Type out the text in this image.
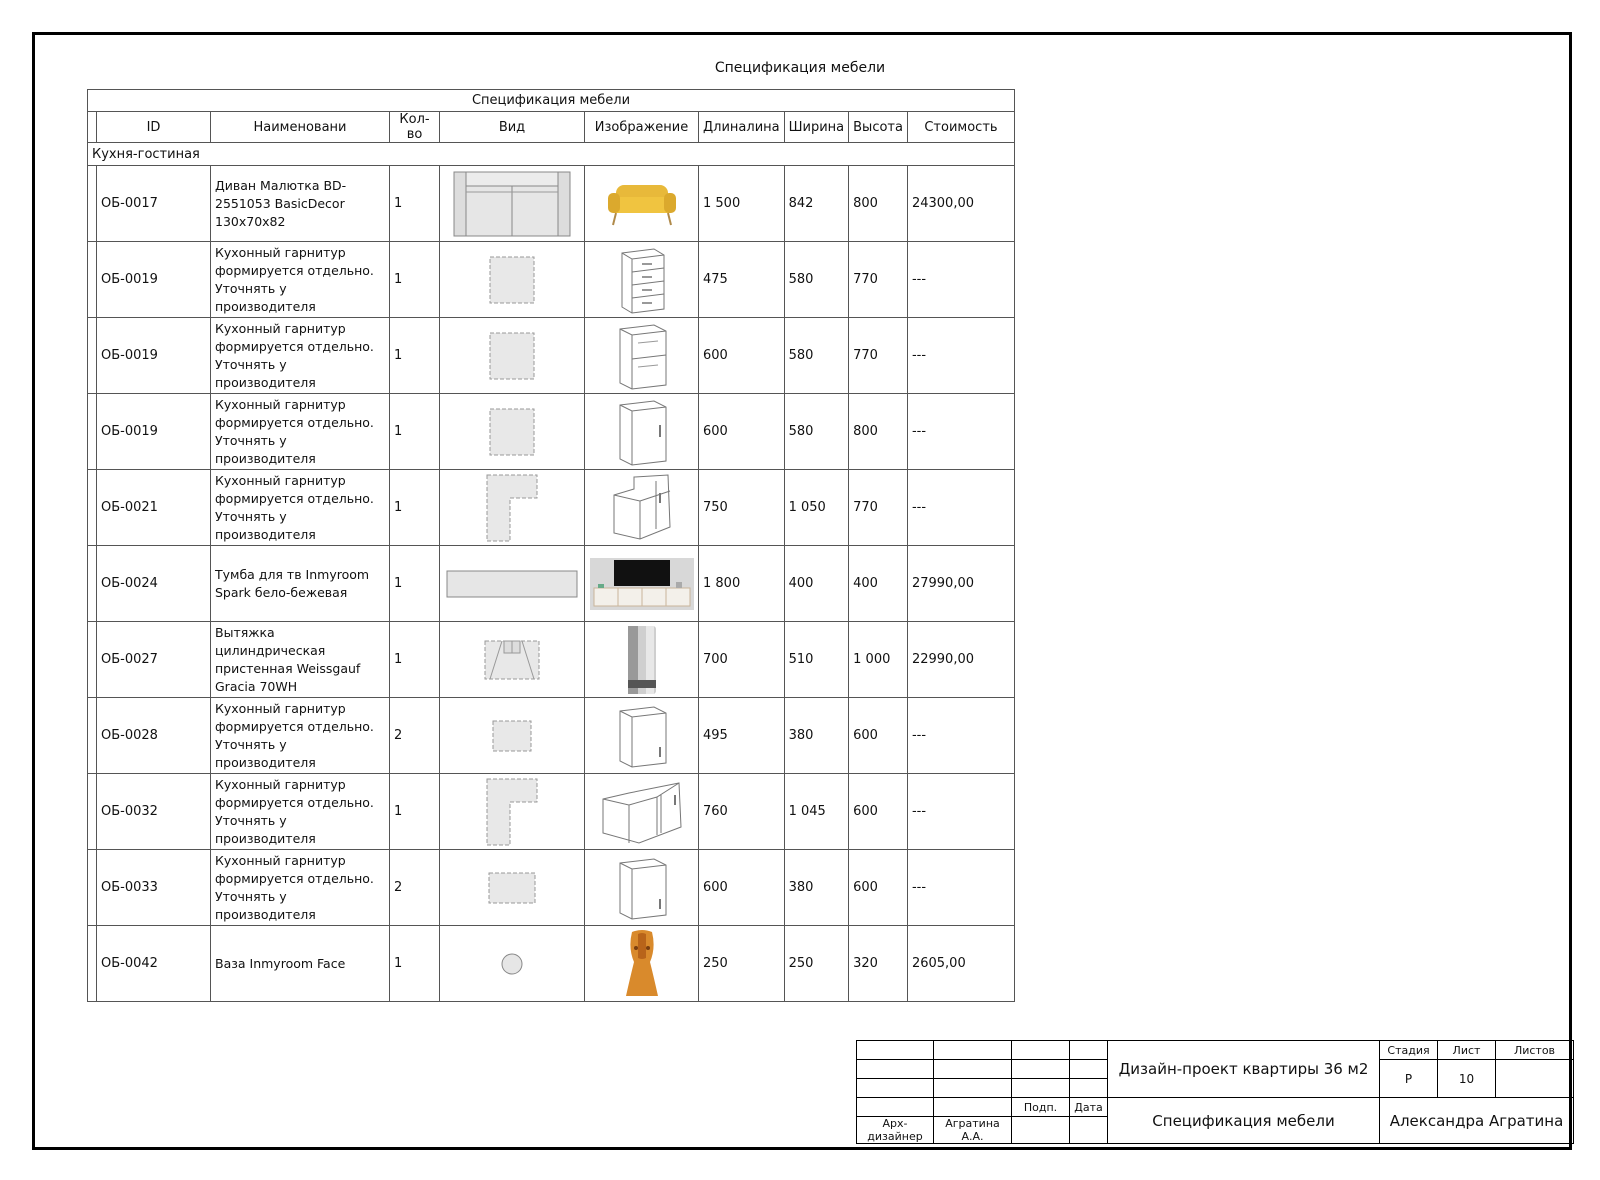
Спецификация мебели
Спецификация мебели									
	ID	Наименовани	Кол-во	Вид	Изображение	Длиналина	Ширина	Высота	Стоимость
Кухня-гостиная									
	ОБ-0017	Диван Малютка BD-2551053 BasicDecor 130x70x82	1			1 500	842	800	24300,00
	ОБ-0019	Кухонный гарнитур формируется отдельно. Уточнять у производителя	1			475	580	770	---
	ОБ-0019	Кухонный гарнитур формируется отдельно. Уточнять у производителя	1			600	580	770	---
	ОБ-0019	Кухонный гарнитур формируется отдельно. Уточнять у производителя	1			600	580	800	---
	ОБ-0021	Кухонный гарнитур формируется отдельно. Уточнять у производителя	1			750	1 050	770	---
	ОБ-0024	Тумба для тв Inmyroom Spark бело-бежевая	1			1 800	400	400	27990,00
	ОБ-0027	Вытяжка цилиндрическая пристенная Weissgauf Gracia 70WH	1			700	510	1 000	22990,00
	ОБ-0028	Кухонный гарнитур формируется отдельно. Уточнять у производителя	2			495	380	600	---
	ОБ-0032	Кухонный гарнитур формируется отдельно. Уточнять у производителя	1			760	1 045	600	---
	ОБ-0033	Кухонный гарнитур формируется отдельно. Уточнять у производителя	2			600	380	600	---
	ОБ-0042	Ваза Inmyroom Face	1			250	250	320	2605,00
				Дизайн-проект квартиры 36 м2	Стадия	Лист	Листов
					Р	10	

		Подп.	Дата	Спецификация мебели	Александра Агратина		
Арх-дизайнер	Агратина А.А.						
